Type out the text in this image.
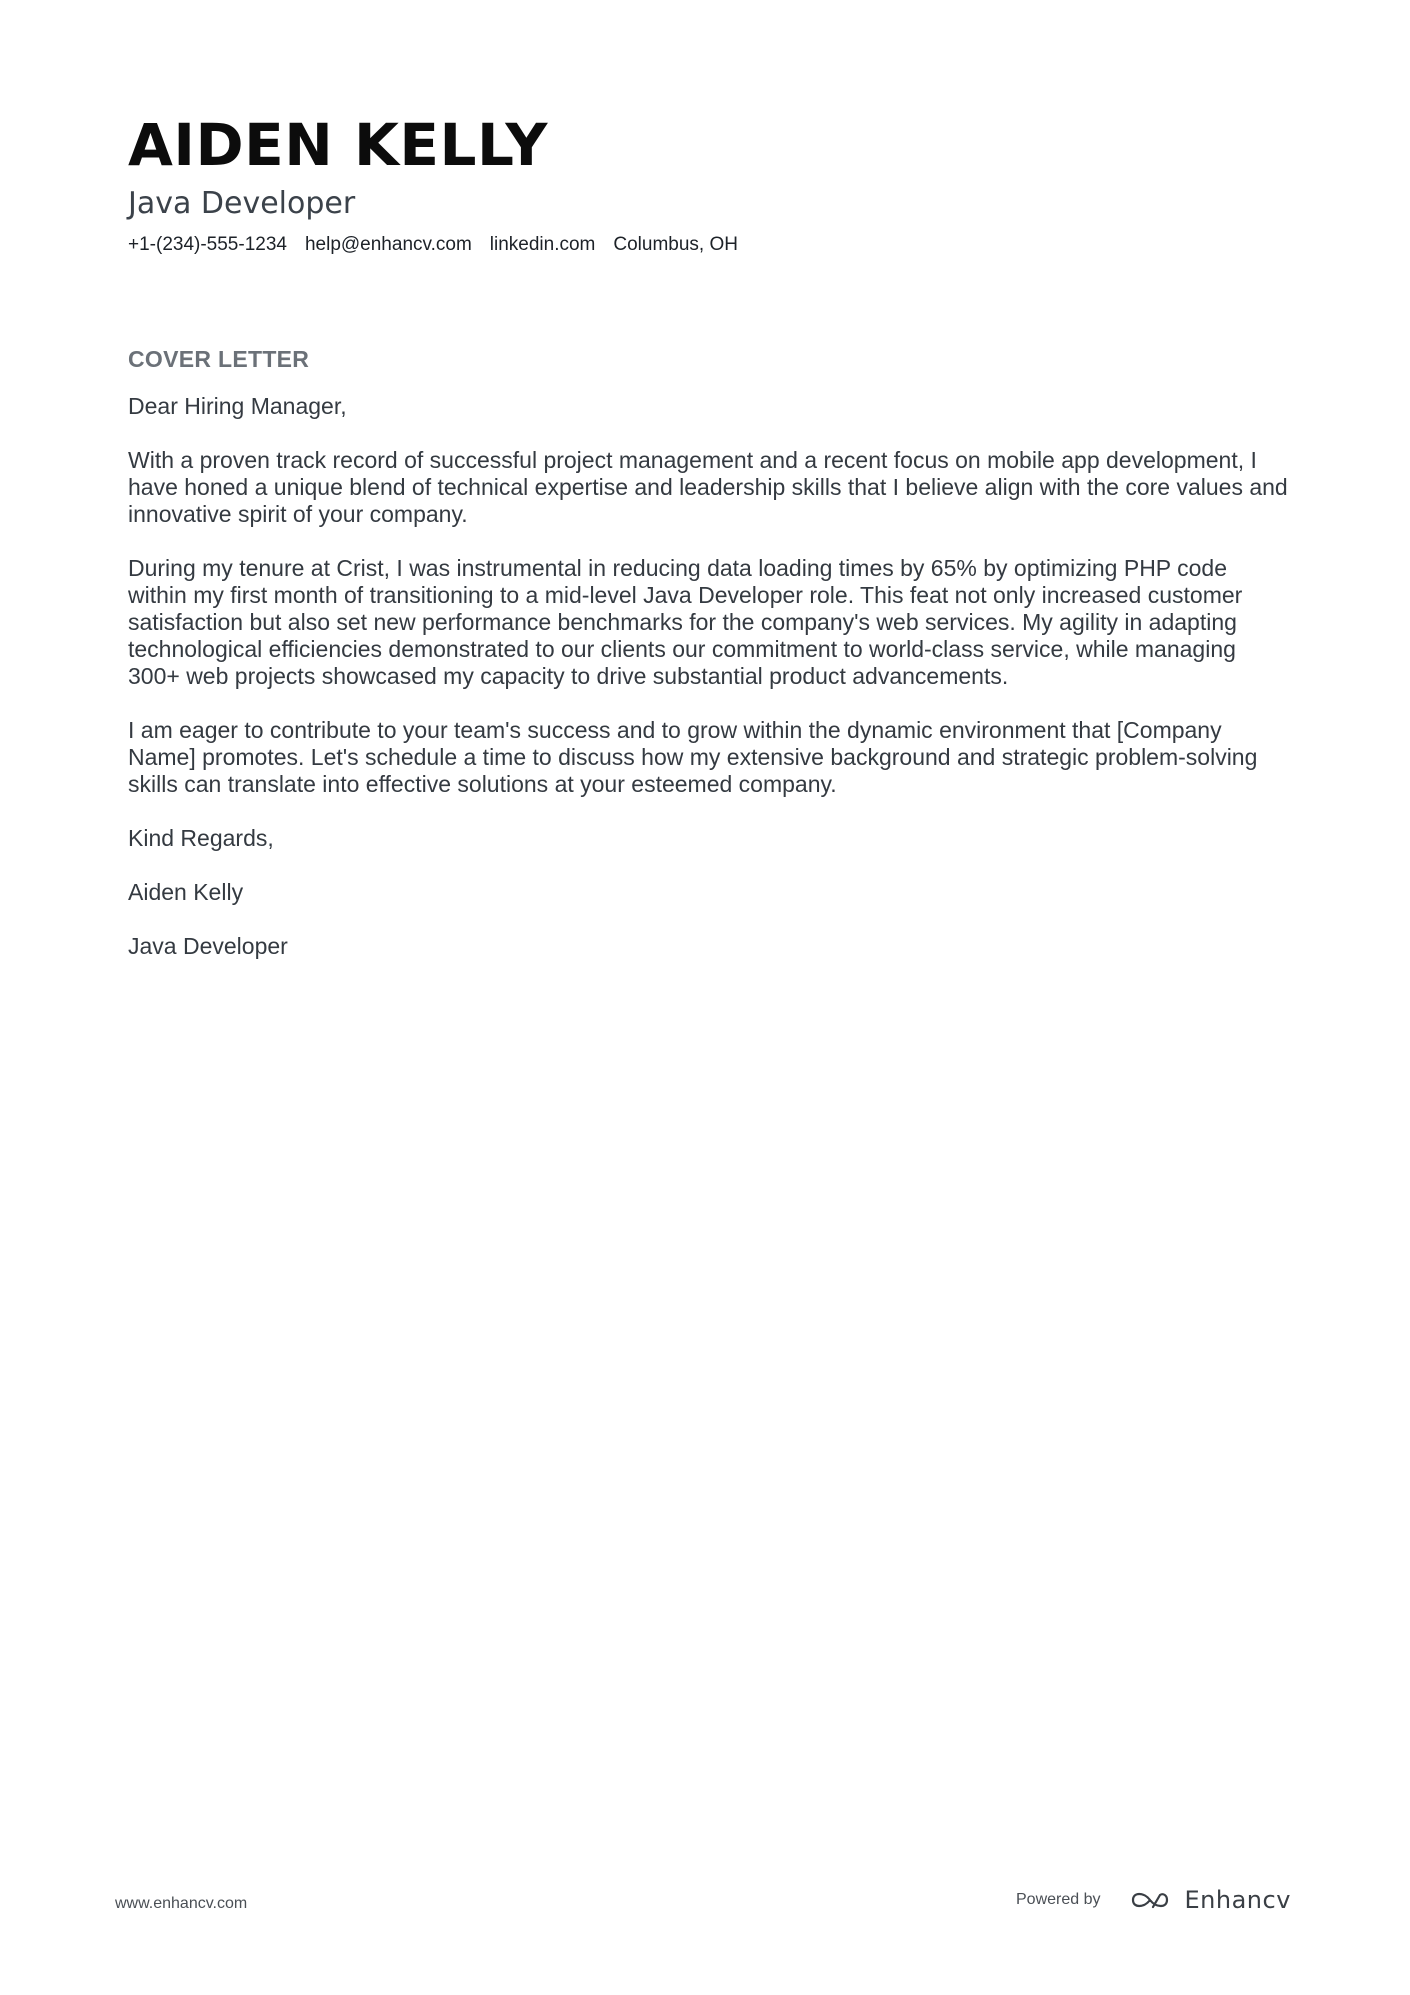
AIDEN KELLY
Java Developer
+1-(234)-555-1234 help@enhancv.com linkedin.com Columbus, OH
COVER LETTER

Dear Hiring Manager,

With a proven track record of successful project management and a recent focus on mobile app development, I have honed a unique blend of technical expertise and leadership skills that I believe align with the core values and innovative spirit of your company.

During my tenure at Crist, I was instrumental in reducing data loading times by 65% by optimizing PHP code within my first month of transitioning to a mid-level Java Developer role. This feat not only increased customer satisfaction but also set new performance benchmarks for the company's web services. My agility in adapting technological efficiencies demonstrated to our clients our commitment to world-class service, while managing 300+ web projects showcased my capacity to drive substantial product advancements.

I am eager to contribute to your team's success and to grow within the dynamic environment that [Company Name] promotes. Let's schedule a time to discuss how my extensive background and strategic problem-solving skills can translate into effective solutions at your esteemed company.

Kind Regards,

Aiden Kelly

Java Developer

www.enhancv.com	Powered by	Enhancv
